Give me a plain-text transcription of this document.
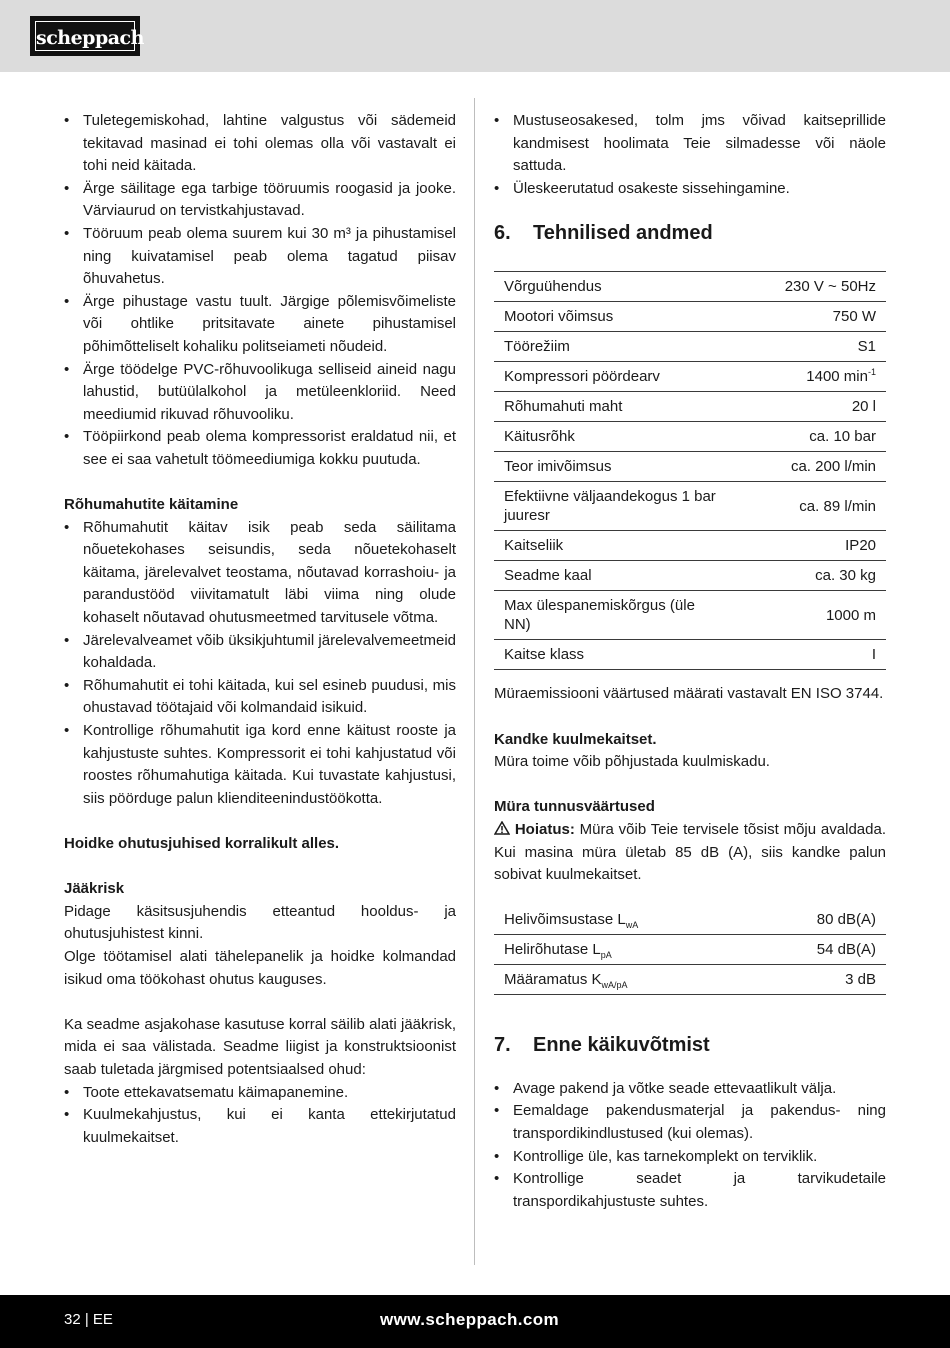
scheppach
• Tuletegemiskohad, lahtine valgustus või sädemeid tekitavad masinad ei tohi olemas olla või vastavalt ei tohi neid käitada.
• Ärge säilitage ega tarbige tööruumis roogasid ja jooke. Värviaurud on tervistkahjustavad.
• Tööruum peab olema suurem kui 30 m³ ja pihustamisel ning kuivatamisel peab olema tagatud piisav õhuvahetus.
• Ärge pihustage vastu tuult. Järgige põlemisvõimeliste või ohtlike pritsitavate ainete pihustamisel põhimõtteliselt kohaliku politseiameti nõudeid.
• Ärge töödelge PVC-rõhuvoolikuga selliseid aineid nagu lahustid, butüülalkohol ja metüleenkloriid. Need meediumid rikuvad rõhuvooliku.
• Tööpiirkond peab olema kompressorist eraldatud nii, et see ei saa vahetult töömeediumiga kokku puutuda.
Rõhumahutite käitamine
• Rõhumahutit käitav isik peab seda säilitama nõuetekohases seisundis, seda nõuetekohaselt käitama, järelevalvet teostama, nõutavad korrashoiu- ja parandustööd viivitamatult läbi viima ning olude kohaselt nõutavad ohutusmeetmed tarvitusele võtma.
• Järelevalveamet võib üksikjuhtumil järelevalvemeetmeid kohaldada.
• Rõhumahutit ei tohi käitada, kui sel esineb puudusi, mis ohustavad töötajaid või kolmandaid isikuid.
• Kontrollige rõhumahutit iga kord enne käitust rooste ja kahjustuste suhtes. Kompressorit ei tohi kahjustatud või roostes rõhumahutiga käitada. Kui tuvastate kahjustusi, siis pöörduge palun klienditeenindustöökotta.
Hoidke ohutusjuhised korralikult alles.
Jääkrisk

Pidage käsitsusjuhendis etteantud hooldus- ja ohutusjuhistest kinni.

Olge töötamisel alati tähelepanelik ja hoidke kolmandad isikud oma töökohast ohutus kauguses.

Ka seadme asjakohase kasutuse korral säilib alati jääkrisk, mida ei saa välistada. Seadme liigist ja konstruktsioonist saab tuletada järgmised potentsiaalsed ohud:

• Toote ettekavatsematu käimapanemine.
• Kuulmekahjustus, kui ei kanta ettekirjutatud kuulmekaitset.
• Mustuseosakesed, tolm jms võivad kaitseprillide kandmisest hoolimata Teie silmadesse või näole sattuda.
• Üleskeerutatud osakeste sissehingamine.
6.	Tehnilised andmed
Võrguühendus	230 V ~ 50Hz
Mootori võimsus	750 W
Töörežiim	S1
Kompressori pöördearv	1400 $\min^{-1}$
Rõhumahuti maht	20 l
Käitusrõhk	ca. 10 bar
Teor imivõimsus	ca. 200 l/min
Efektiivne väljaandekogus 1 bar juuresr	ca. 89 l/min
Kaitseliik	IP20
Seadme kaal	ca. 30 kg
Max ülespanemiskõrgus (üle NN)	1000 m
Kaitse klass	I

Müraemissiooni väärtused määrati vastavalt EN ISO 3744.

Kandke kuulmekaitset.

Müra toime võib põhjustada kuulmiskadu.

Müra tunnusväärtused

Hoiatus: Müra võib Teie tervisele tõsist mõju avaldada. Kui masina müra ületab 85 dB (A), siis kandke palun sobivat kuulmekaitset.

Helivõimsustase $L_{wA}$	80 dB(A)
Helirõhutase $L_{pA}$	54 dB(A)
Määramatus $K_{wA/pA}$	3 dB
7.	Enne käikuvõtmist
• Avage pakend ja võtke seade ettevaatlikult välja.
• Eemaldage pakendusmaterjal ja pakendus- ning transpordikindlustused (kui olemas).
• Kontrollige üle, kas tarnekomplekt on terviklik.
• Kontrollige seadet ja tarvikudetaile transpordikahjustuste suhtes.
32 | EE	www.scheppach.com
